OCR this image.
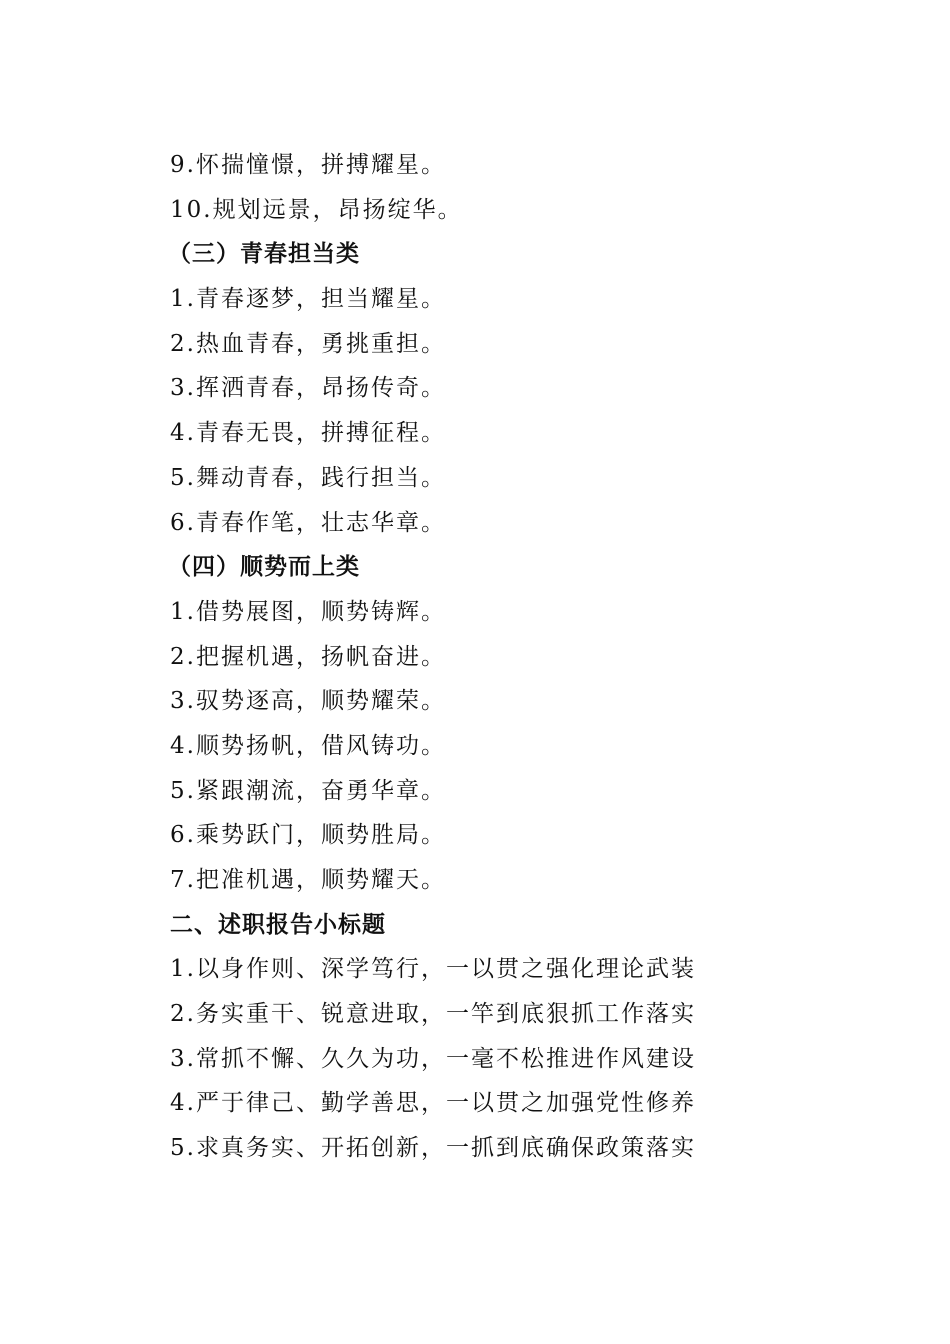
9.怀揣憧憬，拼搏耀星。
10.规划远景，昂扬绽华。
（三）青春担当类
1.青春逐梦，担当耀星。
2.热血青春，勇挑重担。
3.挥洒青春，昂扬传奇。
4.青春无畏，拼搏征程。
5.舞动青春，践行担当。
6.青春作笔，壮志华章。
（四）顺势而上类
1.借势展图，顺势铸辉。
2.把握机遇，扬帆奋进。
3.驭势逐高，顺势耀荣。
4.顺势扬帆，借风铸功。
5.紧跟潮流，奋勇华章。
6.乘势跃门，顺势胜局。
7.把准机遇，顺势耀天。
二、述职报告小标题
1.以身作则、深学笃行，一以贯之强化理论武装
2.务实重干、锐意进取，一竿到底狠抓工作落实
3.常抓不懈、久久为功，一毫不松推进作风建设
4.严于律己、勤学善思，一以贯之加强党性修养
5.求真务实、开拓创新，一抓到底确保政策落实
